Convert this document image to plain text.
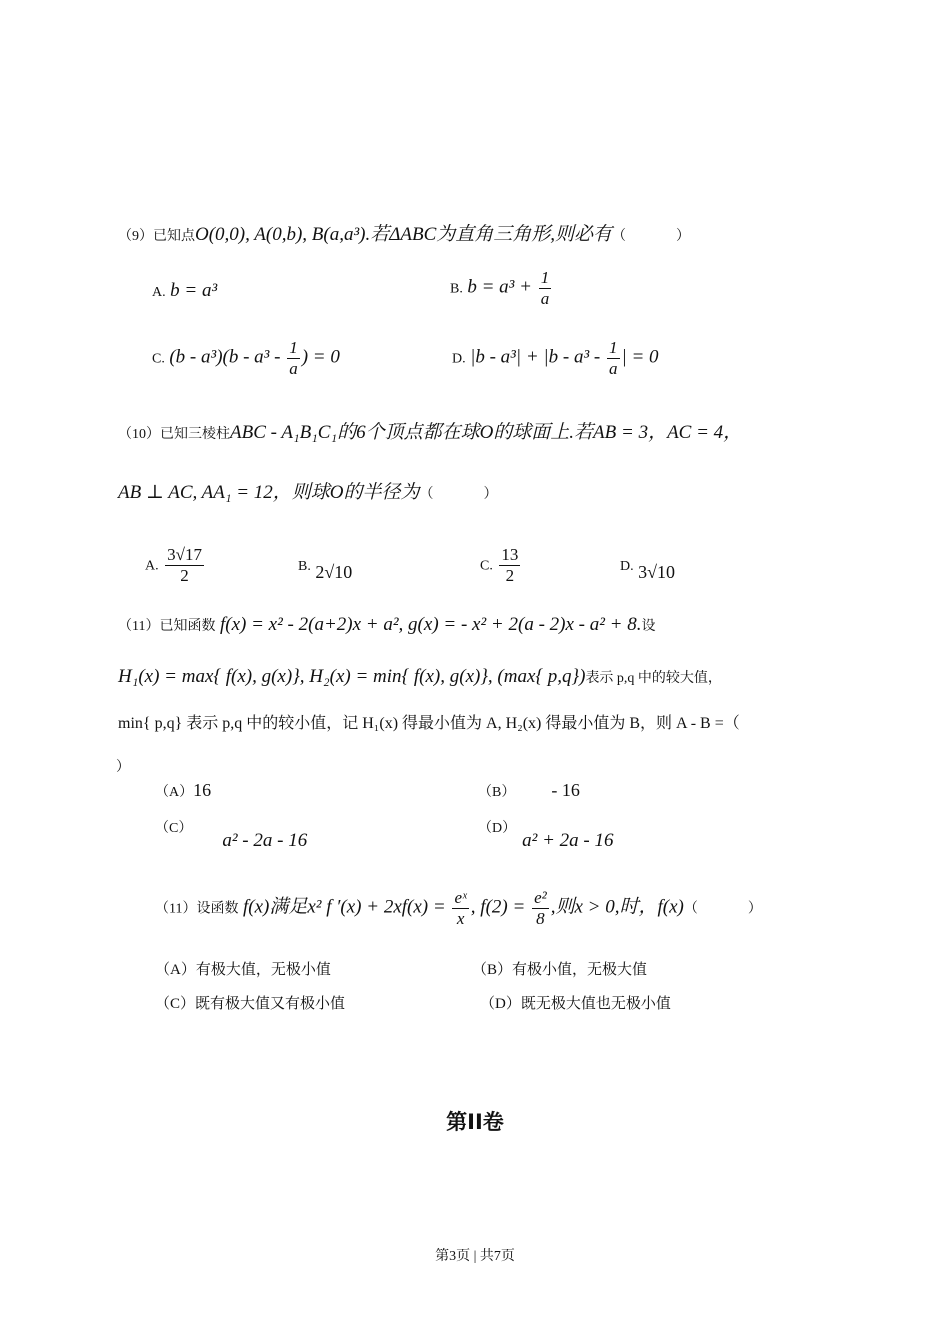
（9）已知点O(0,0), A(0,b), B(a,a³).若ΔABC为直角三角形,则必有（	）
A. b = a³	B. $b = a^3 + \frac{1}{a}$
C. $(b - a^3)(b - a^3 - \frac{1}{a}$ ) = 0	D. $|b - a^3| + |b - a^3 - \frac{1}{a}$ | = 0
（10）已知三棱柱ABC - A₁B₁C₁的6个顶点都在球O的球面上.若AB = 3，AC = 4，
AB ⊥ AC, AA₁ = 12，则球O的半径为（	）
A. $\frac{3√17}{2}$	B. 2√10	C. $\frac{13}{2}$	D. 3√10
（11）已知函数 f(x) = x² - 2(a+2)x + a², g(x) = - x² + 2(a - 2)x - a² + 8.设
H₁(x) = max{ f(x), g(x)}, H₂(x) = min{ f(x), g(x)}, (max{ p,q})表示 p,q 中的较大值，
min{ p,q} 表示 p,q 中的较小值，记 H₁(x) 得最小值为 A, H₂(x) 得最小值为 B，则 A - B =（
）
（A）16	（B） - 16
（C）a² - 2a - 16
（D）a² + 2a - 16
（11）设函数 f(x)满足x² f $'(x) + 2xf(x) = \frac{\text{eˣ}}{x}$ , $f(2) = \frac{\text{e²}}{8}$ ,则x > 0,时，f(x)（	）
（A）有极大值，无极小值	（B）有极小值，无极大值
（C）既有极大值又有极小值	（D）既无极大值也无极小值
第II卷
第3页 | 共7页
